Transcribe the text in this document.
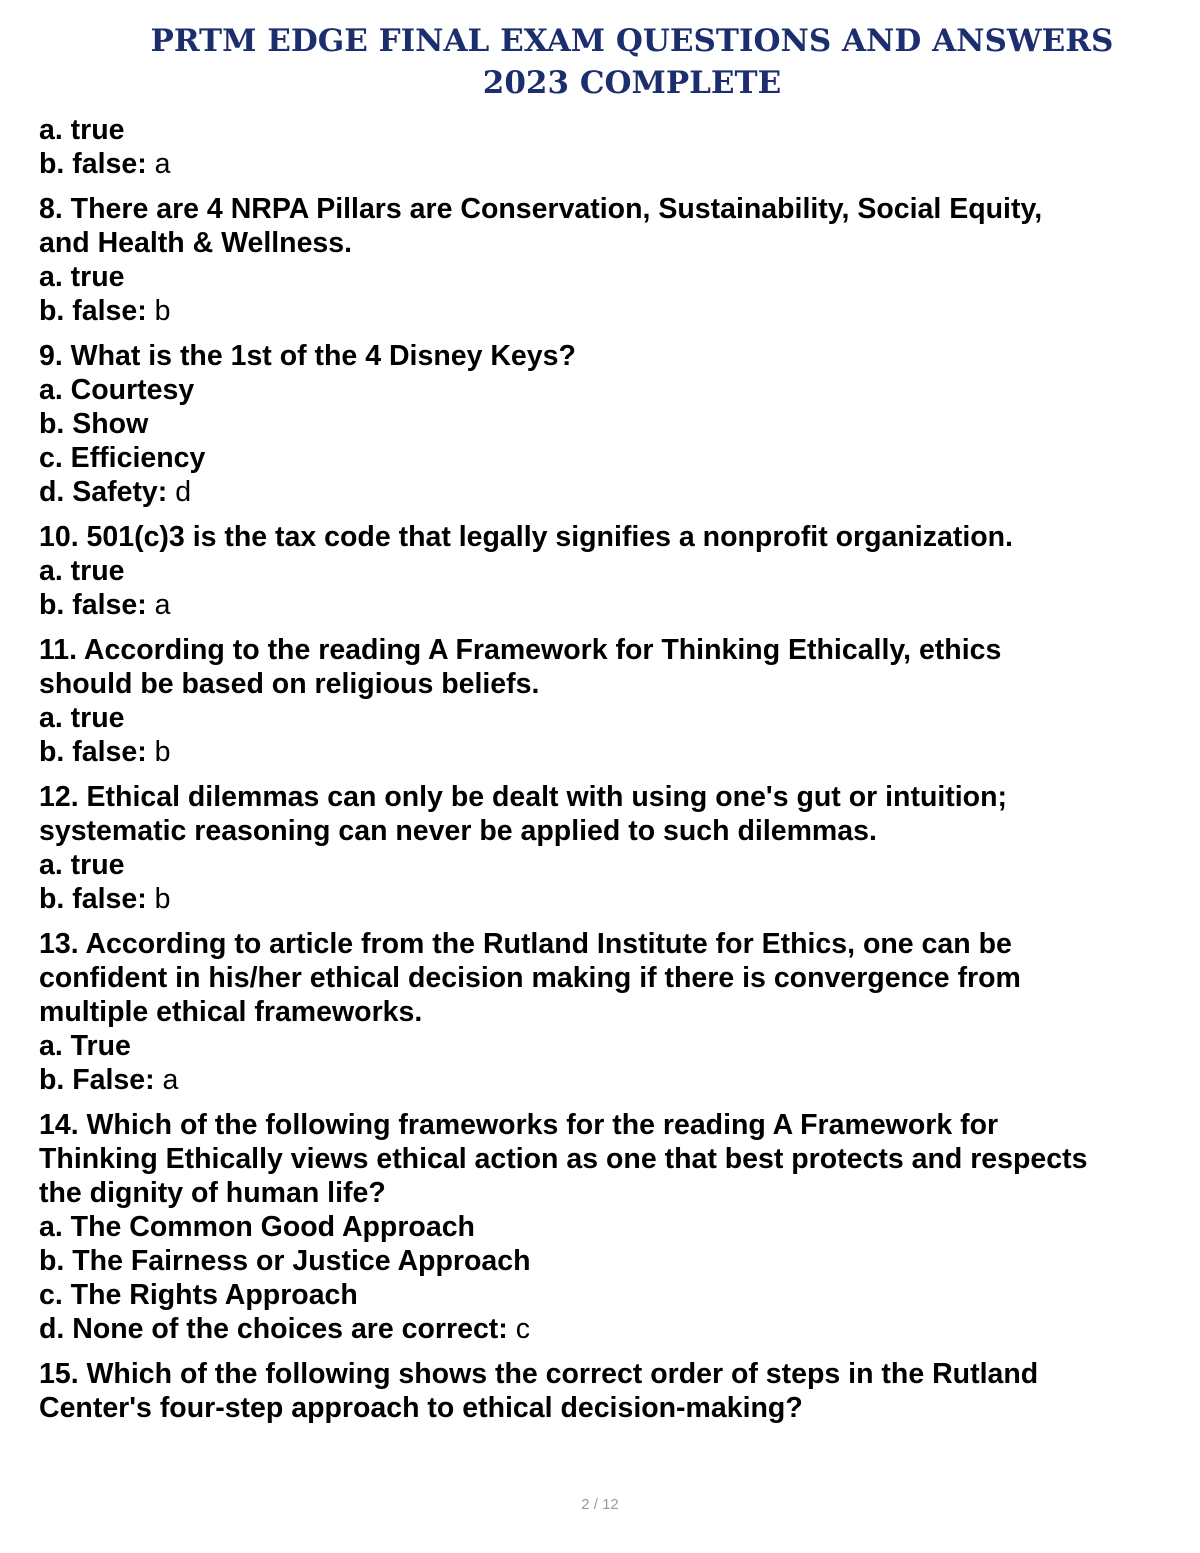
PRTM EDGE FINAL EXAM QUESTIONS AND ANSWERS
2023 COMPLETE
a. true
b. false: a
8. There are 4 NRPA Pillars are Conservation, Sustainability, Social Equity,
and Health & Wellness.
a. true
b. false: b
9. What is the 1st of the 4 Disney Keys?
a. Courtesy
b. Show
c. Efficiency
d. Safety: d
10. 501(c)3 is the tax code that legally signifies a nonprofit organization.
a. true
b. false: a
11. According to the reading A Framework for Thinking Ethically, ethics
should be based on religious beliefs.
a. true
b. false: b
12. Ethical dilemmas can only be dealt with using one's gut or intuition;
systematic reasoning can never be applied to such dilemmas.
a. true
b. false: b
13. According to article from the Rutland Institute for Ethics, one can be
confident in his/her ethical decision making if there is convergence from
multiple ethical frameworks.
a. True
b. False: a
14. Which of the following frameworks for the reading A Framework for
Thinking Ethically views ethical action as one that best protects and respects
the dignity of human life?
a. The Common Good Approach
b. The Fairness or Justice Approach
c. The Rights Approach
d. None of the choices are correct: c
15. Which of the following shows the correct order of steps in the Rutland
Center's four-step approach to ethical decision-making?
2 / 12
